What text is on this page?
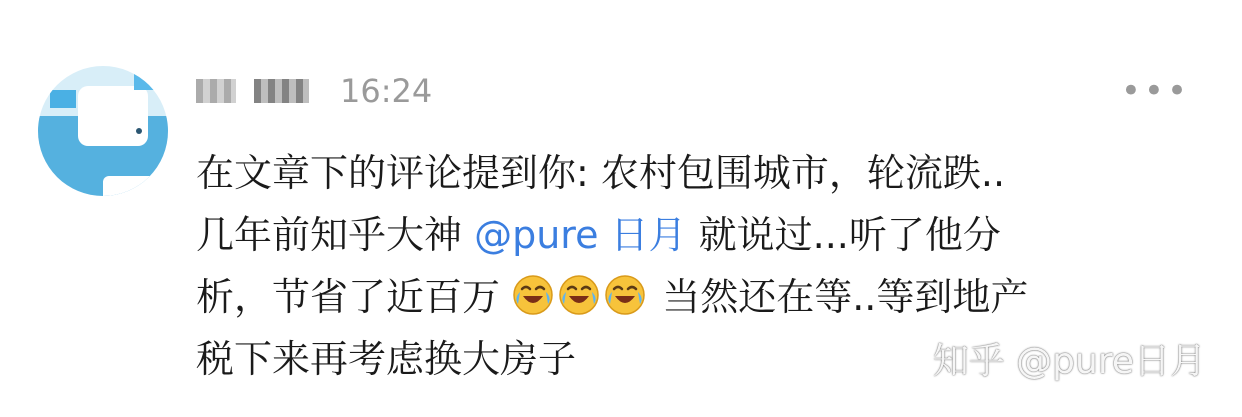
16:24	•••
在文章下的评论提到你: 农村包围城市，轮流跌..
几年前知乎大神 @pure 日月 就说过...听了他分
析，节省了近百万	当然还在等..等到地产
税下来再考虑换大房子	知乎 @pure日月
